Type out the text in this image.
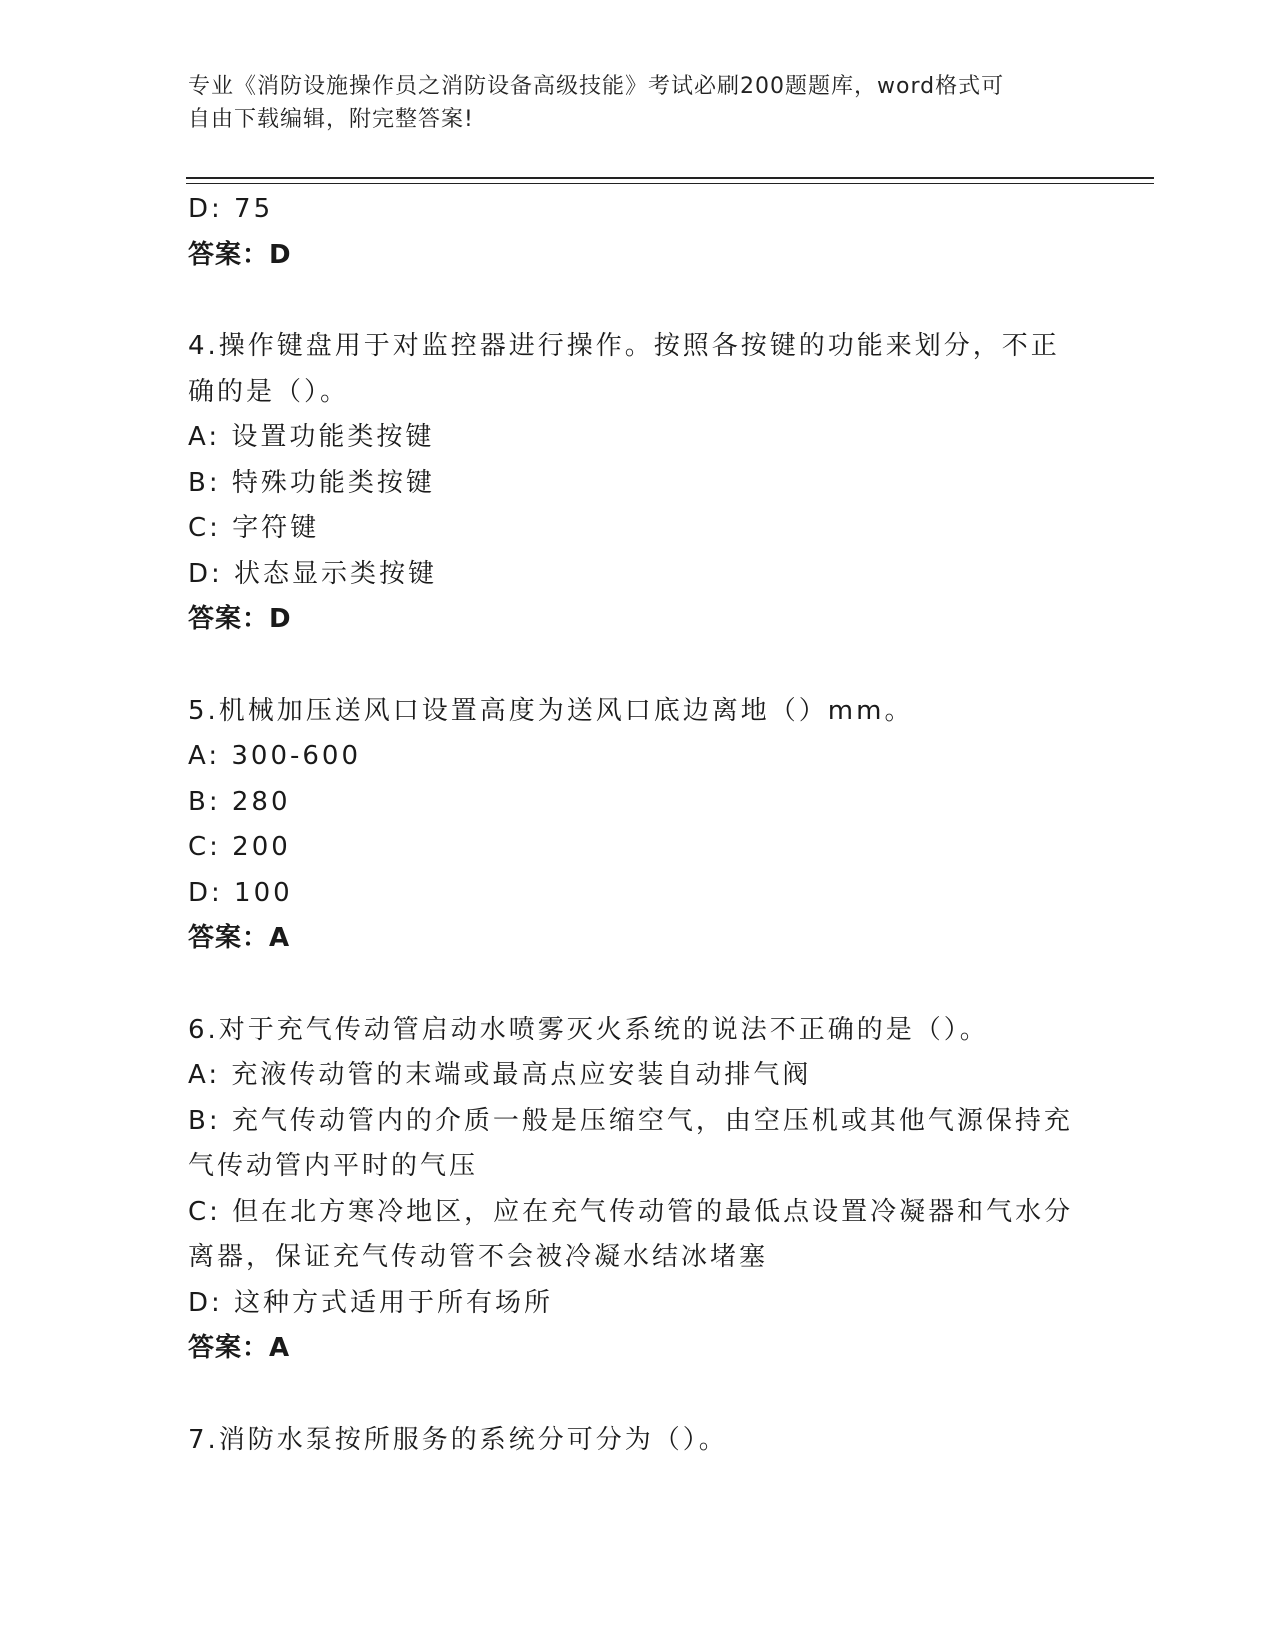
专业《消防设施操作员之消防设备高级技能》考试必刷200题题库，word格式可
自由下载编辑，附完整答案!
D: 75
答案：D
4.操作键盘用于对监控器进行操作。按照各按键的功能来划分，不正
确的是（）。
A: 设置功能类按键
B: 特殊功能类按键
C: 字符键
D: 状态显示类按键
答案：D
5.机械加压送风口设置高度为送风口底边离地（）mm。
A: 300-600
B: 280
C: 200
D: 100
答案：A
6.对于充气传动管启动水喷雾灭火系统的说法不正确的是（）。
A: 充液传动管的末端或最高点应安装自动排气阀
B: 充气传动管内的介质一般是压缩空气，由空压机或其他气源保持充
气传动管内平时的气压
C: 但在北方寒冷地区，应在充气传动管的最低点设置冷凝器和气水分
离器，保证充气传动管不会被冷凝水结冰堵塞
D: 这种方式适用于所有场所
答案：A
7.消防水泵按所服务的系统分可分为（）。
